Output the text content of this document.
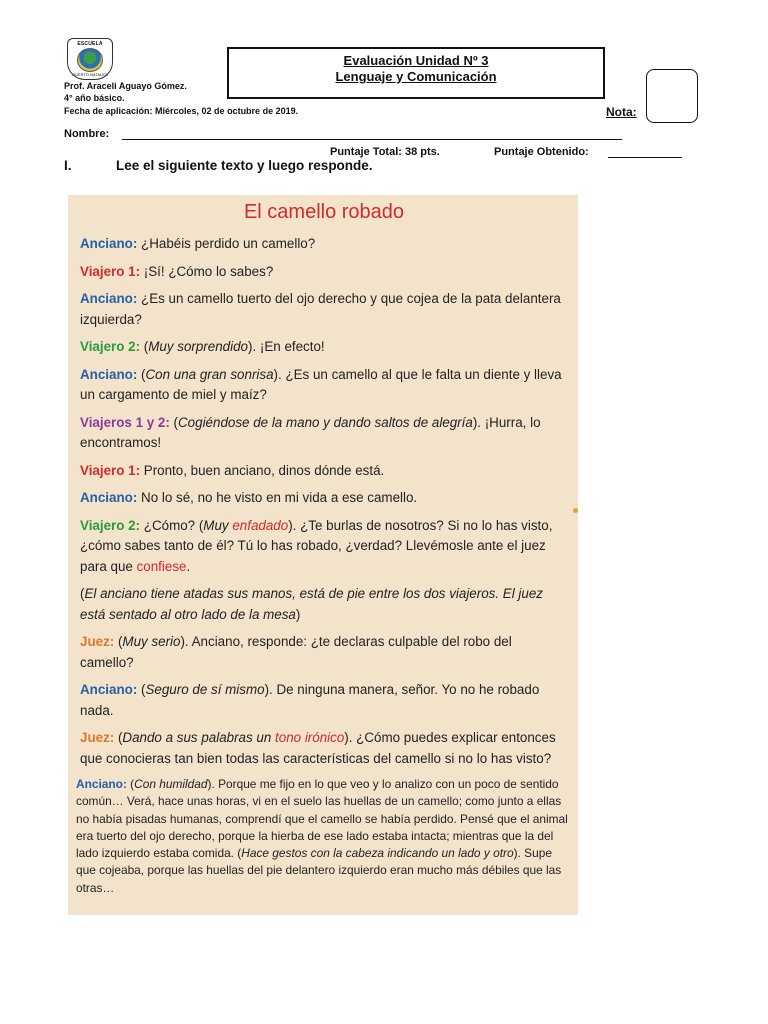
ESCUELA
PUERTO NATALES
Evaluación Unidad Nº 3
Lenguaje y Comunicación
Prof. Araceli Aguayo Gómez.
4° año básico.
Fecha de aplicación: Miércoles, 02 de octubre de 2019.	Nota:
Nombre:
Puntaje Total: 38 pts.	Puntaje Obtenido:
I.	Lee el siguiente texto y luego responde.
El camello robado

Anciano: ¿Habéis perdido un camello?

Viajero 1: ¡Sí! ¿Cómo lo sabes?

Anciano: ¿Es un camello tuerto del ojo derecho y que cojea de la pata delantera izquierda?

Viajero 2: (Muy sorprendido). ¡En efecto!

Anciano: (Con una gran sonrisa). ¿Es un camello al que le falta un diente y lleva un cargamento de miel y maíz?

Viajeros 1 y 2: (Cogiéndose de la mano y dando saltos de alegría). ¡Hurra, lo encontramos!

Viajero 1: Pronto, buen anciano, dinos dónde está.

Anciano: No lo sé, no he visto en mi vida a ese camello.

Viajero 2: ¿Cómo? (Muy enfadado). ¿Te burlas de nosotros? Si no lo has visto, ¿cómo sabes tanto de él? Tú lo has robado, ¿verdad? Llevémosle ante el juez para que confiese.

(El anciano tiene atadas sus manos, está de pie entre los dos viajeros. El juez está sentado al otro lado de la mesa)

Juez: (Muy serio). Anciano, responde: ¿te declaras culpable del robo del camello?

Anciano: (Seguro de sí mismo). De ninguna manera, señor. Yo no he robado nada.

Juez: (Dando a sus palabras un tono irónico). ¿Cómo puedes explicar entonces que conocieras tan bien todas las características del camello si no lo has visto?

Anciano: (Con humildad). Porque me fijo en lo que veo y lo analizo con un poco de sentido común… Verá, hace unas horas, vi en el suelo las huellas de un camello; como junto a ellas no había pisadas humanas, comprendí que el camello se había perdido. Pensé que el animal era tuerto del ojo derecho, porque la hierba de ese lado estaba intacta; mientras que la del lado izquierdo estaba comida. (Hace gestos con la cabeza indicando un lado y otro). Supe que cojeaba, porque las huellas del pie delantero izquierdo eran mucho más débiles que las otras…
